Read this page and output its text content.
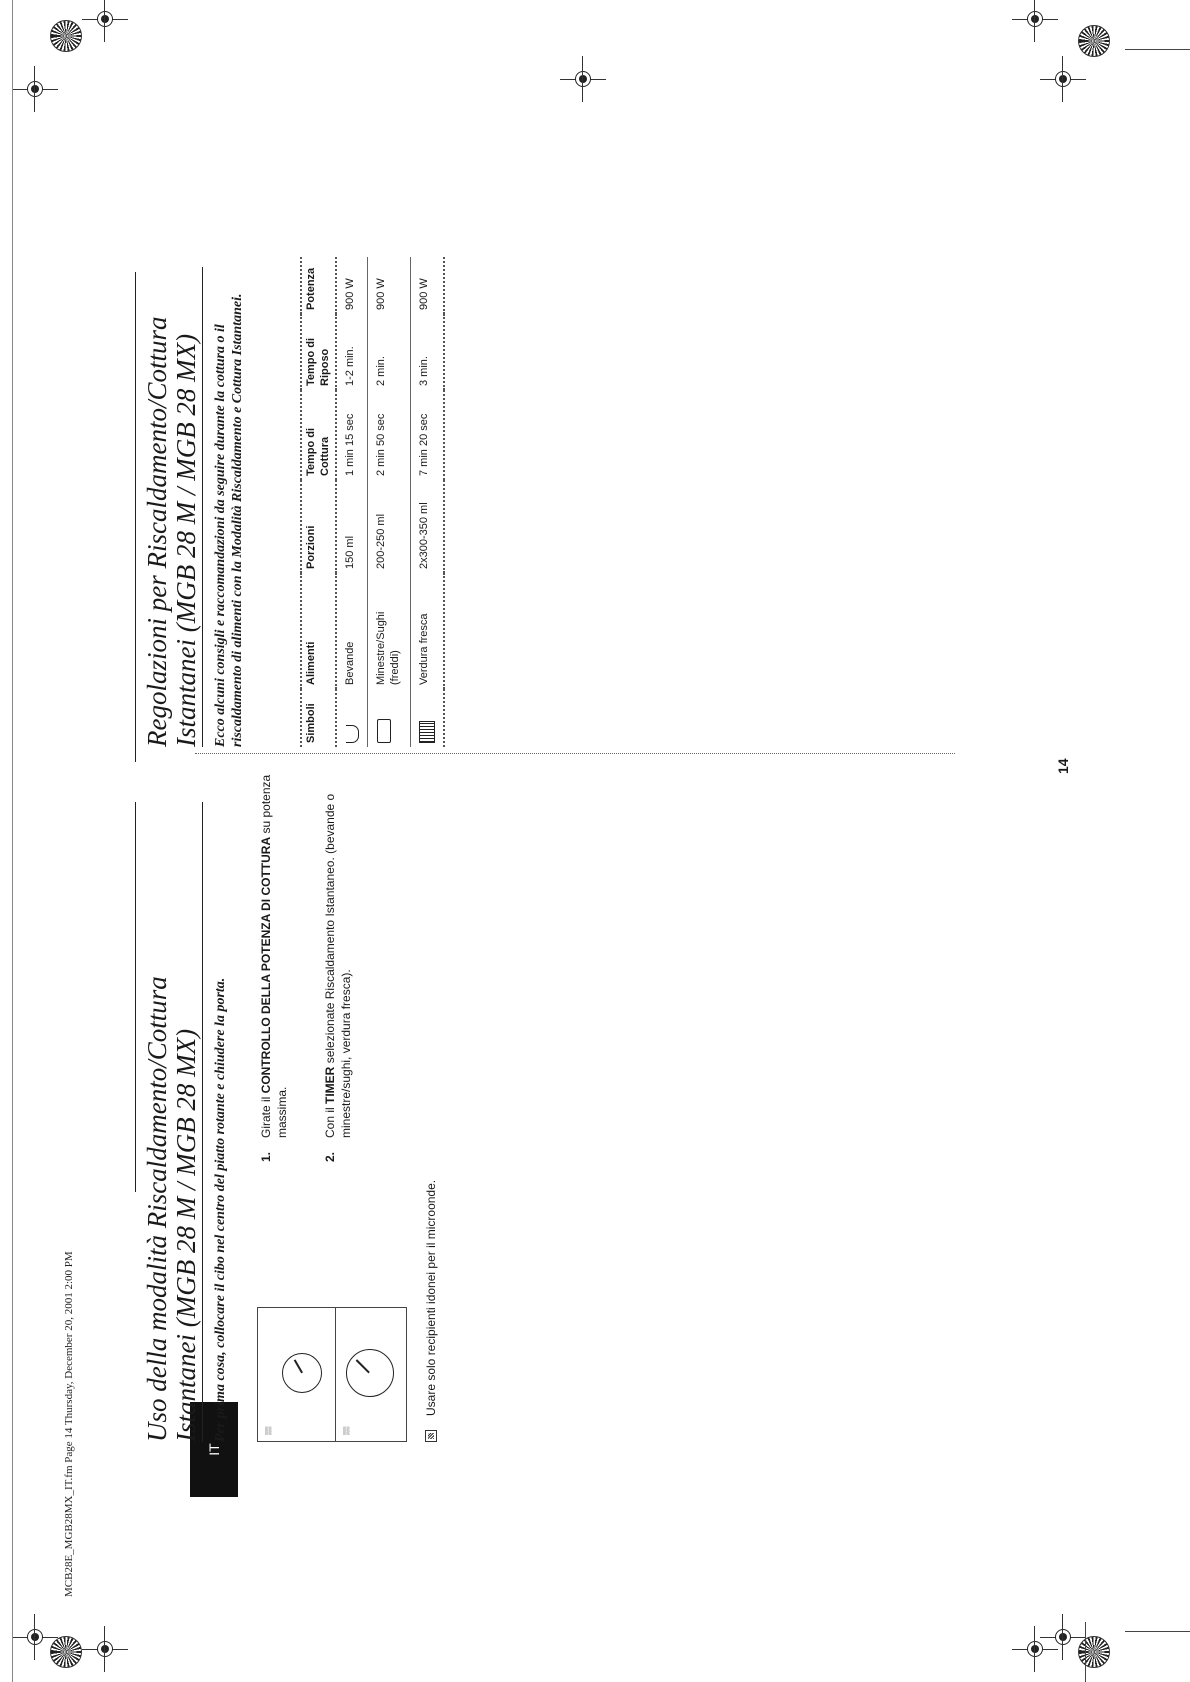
MCB28E_MGB28MX_IT.fm Page 14 Thursday, December 20, 2001 2:00 PM	IT
Uso della modalità Riscaldamento/Cottura
Istantanei (MGB 28 M / MGB 28 MX) Per prima cosa, collocare il cibo nel centro del piatto rotante e chiudere la porta.	▒▒	▒▒
1.
Girate il CONTROLLO DELLA POTENZA DI COTTURA su potenza massima.
2.
Con il TIMER selezionate Riscaldamento Istantaneo. (bevande o minestre/sughi, verdura fresca).
Usare solo recipienti idonei per il microonde.
Regolazioni per Riscaldamento/Cottura
Istantanei (MGB 28 M / MGB 28 MX) Ecco alcuni consigli e raccomandazioni da seguire durante la cottura o il riscaldamento di alimenti con la Modalità Riscaldamento e Cottura Istantanei.	Simboli	Alimenti	Porzioni	Tempo di Cottura	Tempo di Riposo	Potenza

	Bevande	150 ml	1 min 15 sec	1-2 min.	900 W

	Minestre/Sughi (freddi)	200-250 ml	2 min 50 sec	2 min.	900 W

	Verdura fresca	2x300-350 ml	7 min 20 sec	3 min.	900 W
14
